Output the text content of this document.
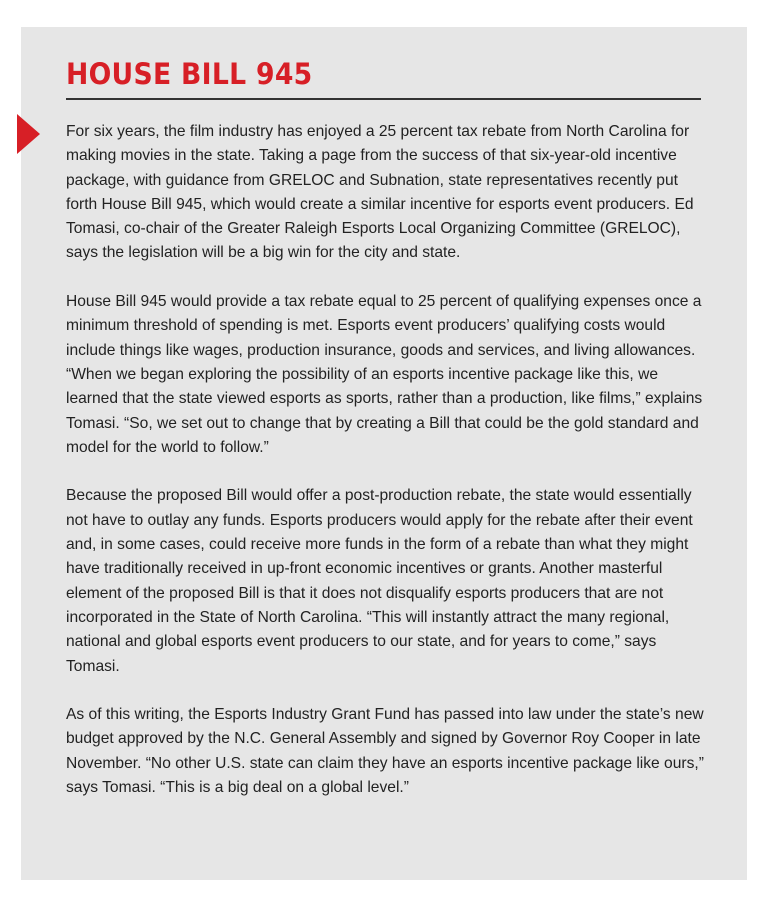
HOUSE BILL 945

For six years, the film industry has enjoyed a 25 percent tax rebate from North Carolina for making movies in the state. Taking a page from the success of that six-year-old incentive package, with guidance from GRELOC and Subnation, state representatives recently put forth House Bill 945, which would create a similar incentive for esports event producers. Ed Tomasi, co-chair of the Greater Raleigh Esports Local Organizing Committee (GRELOC), says the legislation will be a big win for the city and state.

House Bill 945 would provide a tax rebate equal to 25 percent of qualifying expenses once a minimum threshold of spending is met. Esports event producers’ qualifying costs would include things like wages, production insurance, goods and services, and living allowances. “When we began exploring the possibility of an esports incentive package like this, we learned that the state viewed esports as sports, rather than a production, like films,” explains Tomasi. “So, we set out to change that by creating a Bill that could be the gold standard and model for the world to follow.”

Because the proposed Bill would offer a post-production rebate, the state would essentially not have to outlay any funds. Esports producers would apply for the rebate after their event and, in some cases, could receive more funds in the form of a rebate than what they might have traditionally received in up-front economic incentives or grants. Another masterful element of the proposed Bill is that it does not disqualify esports producers that are not incorporated in the State of North Carolina. “This will instantly attract the many regional, national and global esports event producers to our state, and for years to come,” says Tomasi.

As of this writing, the Esports Industry Grant Fund has passed into law under the state’s new budget approved by the N.C. General Assembly and signed by Governor Roy Cooper in late November. “No other U.S. state can claim they have an esports incentive package like ours,” says Tomasi. “This is a big deal on a global level.”
